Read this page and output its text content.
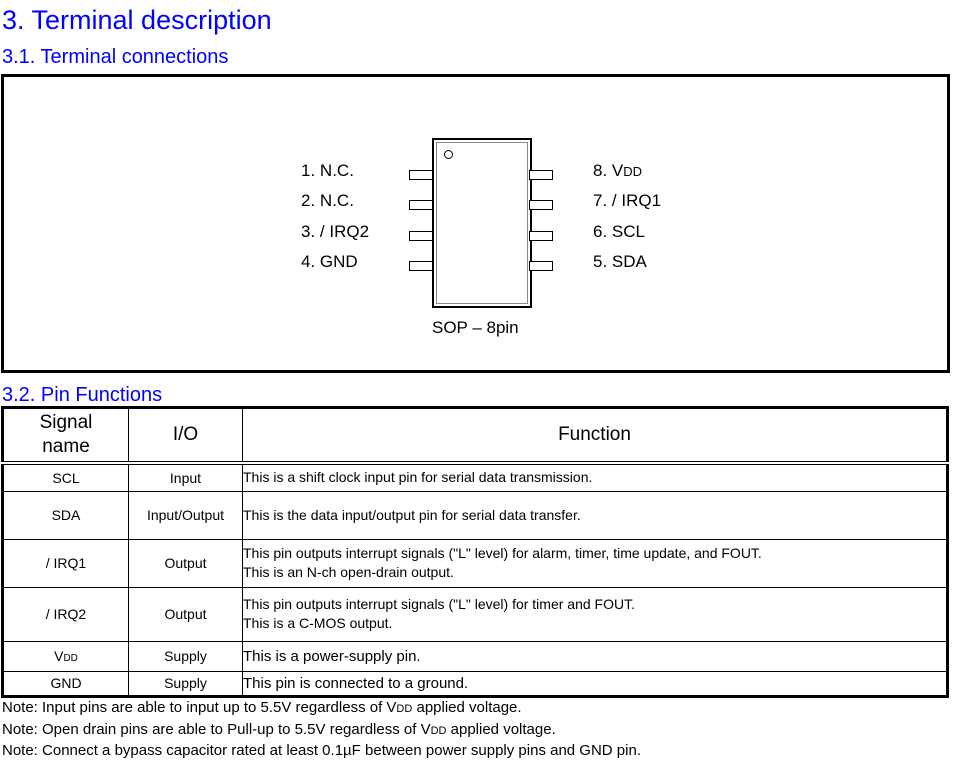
3. Terminal description
3.1. Terminal connections
1. N.C.
2. N.C.
3. / IRQ2
4. GND
8. VDD
7. / IRQ1
6. SCL
5. SDA
SOP – 8pin
3.2. Pin Functions
Signal name	I/O	Function
SCL	Input	This is a shift clock input pin for serial data transmission.
SDA	Input/Output	This is the data input/output pin for serial data transfer.
/ IRQ1	Output	This pin outputs interrupt signals ("L" level) for alarm, timer, time update, and FOUT.
This is an N-ch open-drain output.

/ IRQ2	Output	This pin outputs interrupt signals ("L" level) for timer and FOUT.
This is a C-MOS output.

VDD	Supply	This is a power-supply pin.
GND	Supply	This pin is connected to a ground.
Note: Input pins are able to input up to 5.5V regardless of VDD applied voltage.
Note: Open drain pins are able to Pull-up to 5.5V regardless of VDD applied voltage.
Note: Connect a bypass capacitor rated at least 0.1µF between power supply pins and GND pin.
